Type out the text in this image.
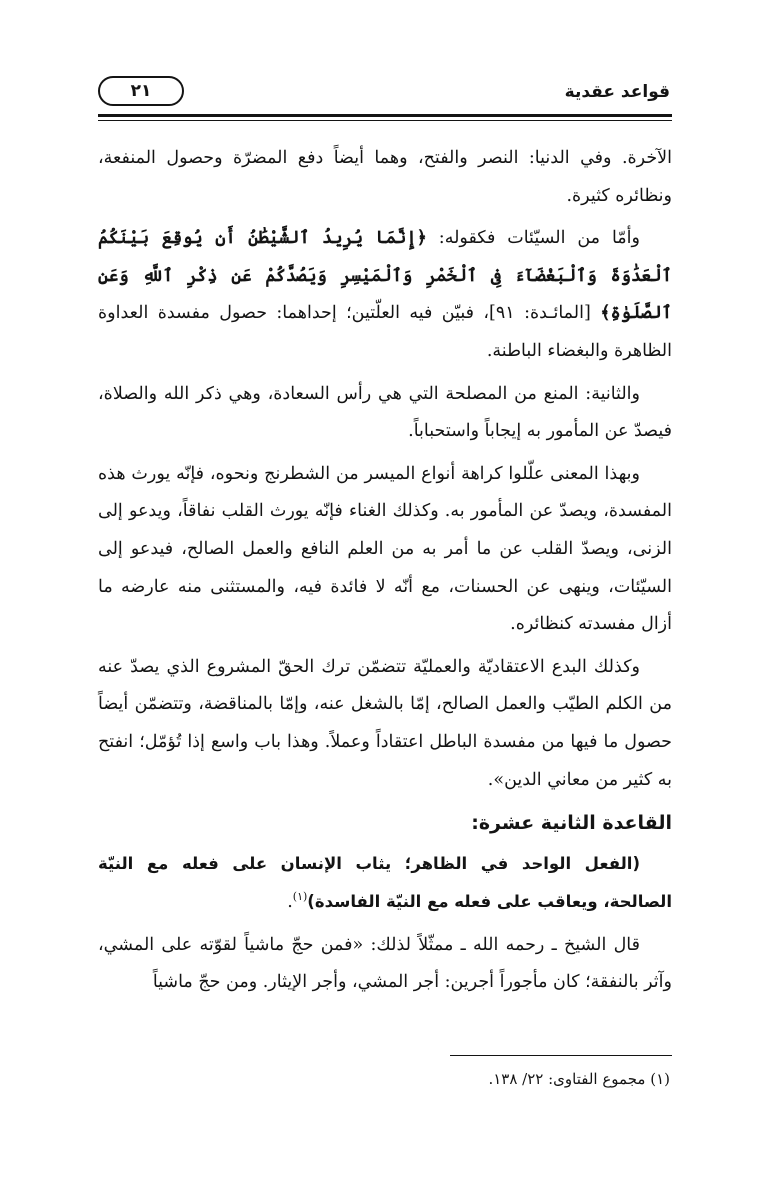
قواعد عقدية
٢١

الآخرة. وفي الدنيا: النصر والفتح، وهما أيضاً دفع المضرّة وحصول المنفعة، ونظائره كثيرة.

وأمّا من السيّئات فكقوله: ﴿إِنَّمَا يُرِيدُ ٱلشَّيْطَٰنُ أَن يُوقِعَ بَيْنَكُمُ ٱلْعَدَٰوَةَ وَٱلْبَغْضَآءَ فِى ٱلْخَمْرِ وَٱلْمَيْسِرِ وَيَصُدَّكُمْ عَن ذِكْرِ ٱللَّهِ وَعَنِ ٱلصَّلَوٰةِ﴾ [المائـدة: ٩١]، فبيّن فيه العلّتين؛ إحداهما: حصول مفسدة العداوة الظاهرة والبغضاء الباطنة.

والثانية: المنع من المصلحة التي هي رأس السعادة، وهي ذكر الله والصلاة، فيصدّ عن المأمور به إيجاباً واستحباباً.

وبهذا المعنى علّلوا كراهة أنواع الميسر من الشطرنج ونحوه، فإنّه يورث هذه المفسدة، ويصدّ عن المأمور به. وكذلك الغناء فإنّه يورث القلب نفاقاً، ويدعو إلى الزنى، ويصدّ القلب عن ما أمر به من العلم النافع والعمل الصالح، فيدعو إلى السيّئات، وينهى عن الحسنات، مع أنّه لا فائدة فيه، والمستثنى منه عارضه ما أزال مفسدته كنظائره.

وكذلك البدع الاعتقاديّة والعمليّة تتضمّن ترك الحقّ المشروع الذي يصدّ عنه من الكلم الطيّب والعمل الصالح، إمّا بالشغل عنه، وإمّا بالمناقضة، وتتضمّن أيضاً حصول ما فيها من مفسدة الباطل اعتقاداً وعملاً. وهذا باب واسع إذا تُؤمّل؛ انفتح به كثير من معاني الدين».

القاعدة الثانية عشرة:

(الفعل الواحد في الظاهر؛ يثاب الإنسان على فعله مع النيّة الصالحة، ويعاقب على فعله مع النيّة الفاسدة)$^{(١)}$.

قال الشيخ ـ رحمه الله ـ ممثّلاً لذلك: «فمن حجّ ماشياً لقوّته على المشي، وآثر بالنفقة؛ كان مأجوراً أجرين: أجر المشي، وأجر الإيثار. ومن حجّ ماشياً

(١) مجموع الفتاوى: ٢٢/ ١٣٨.
